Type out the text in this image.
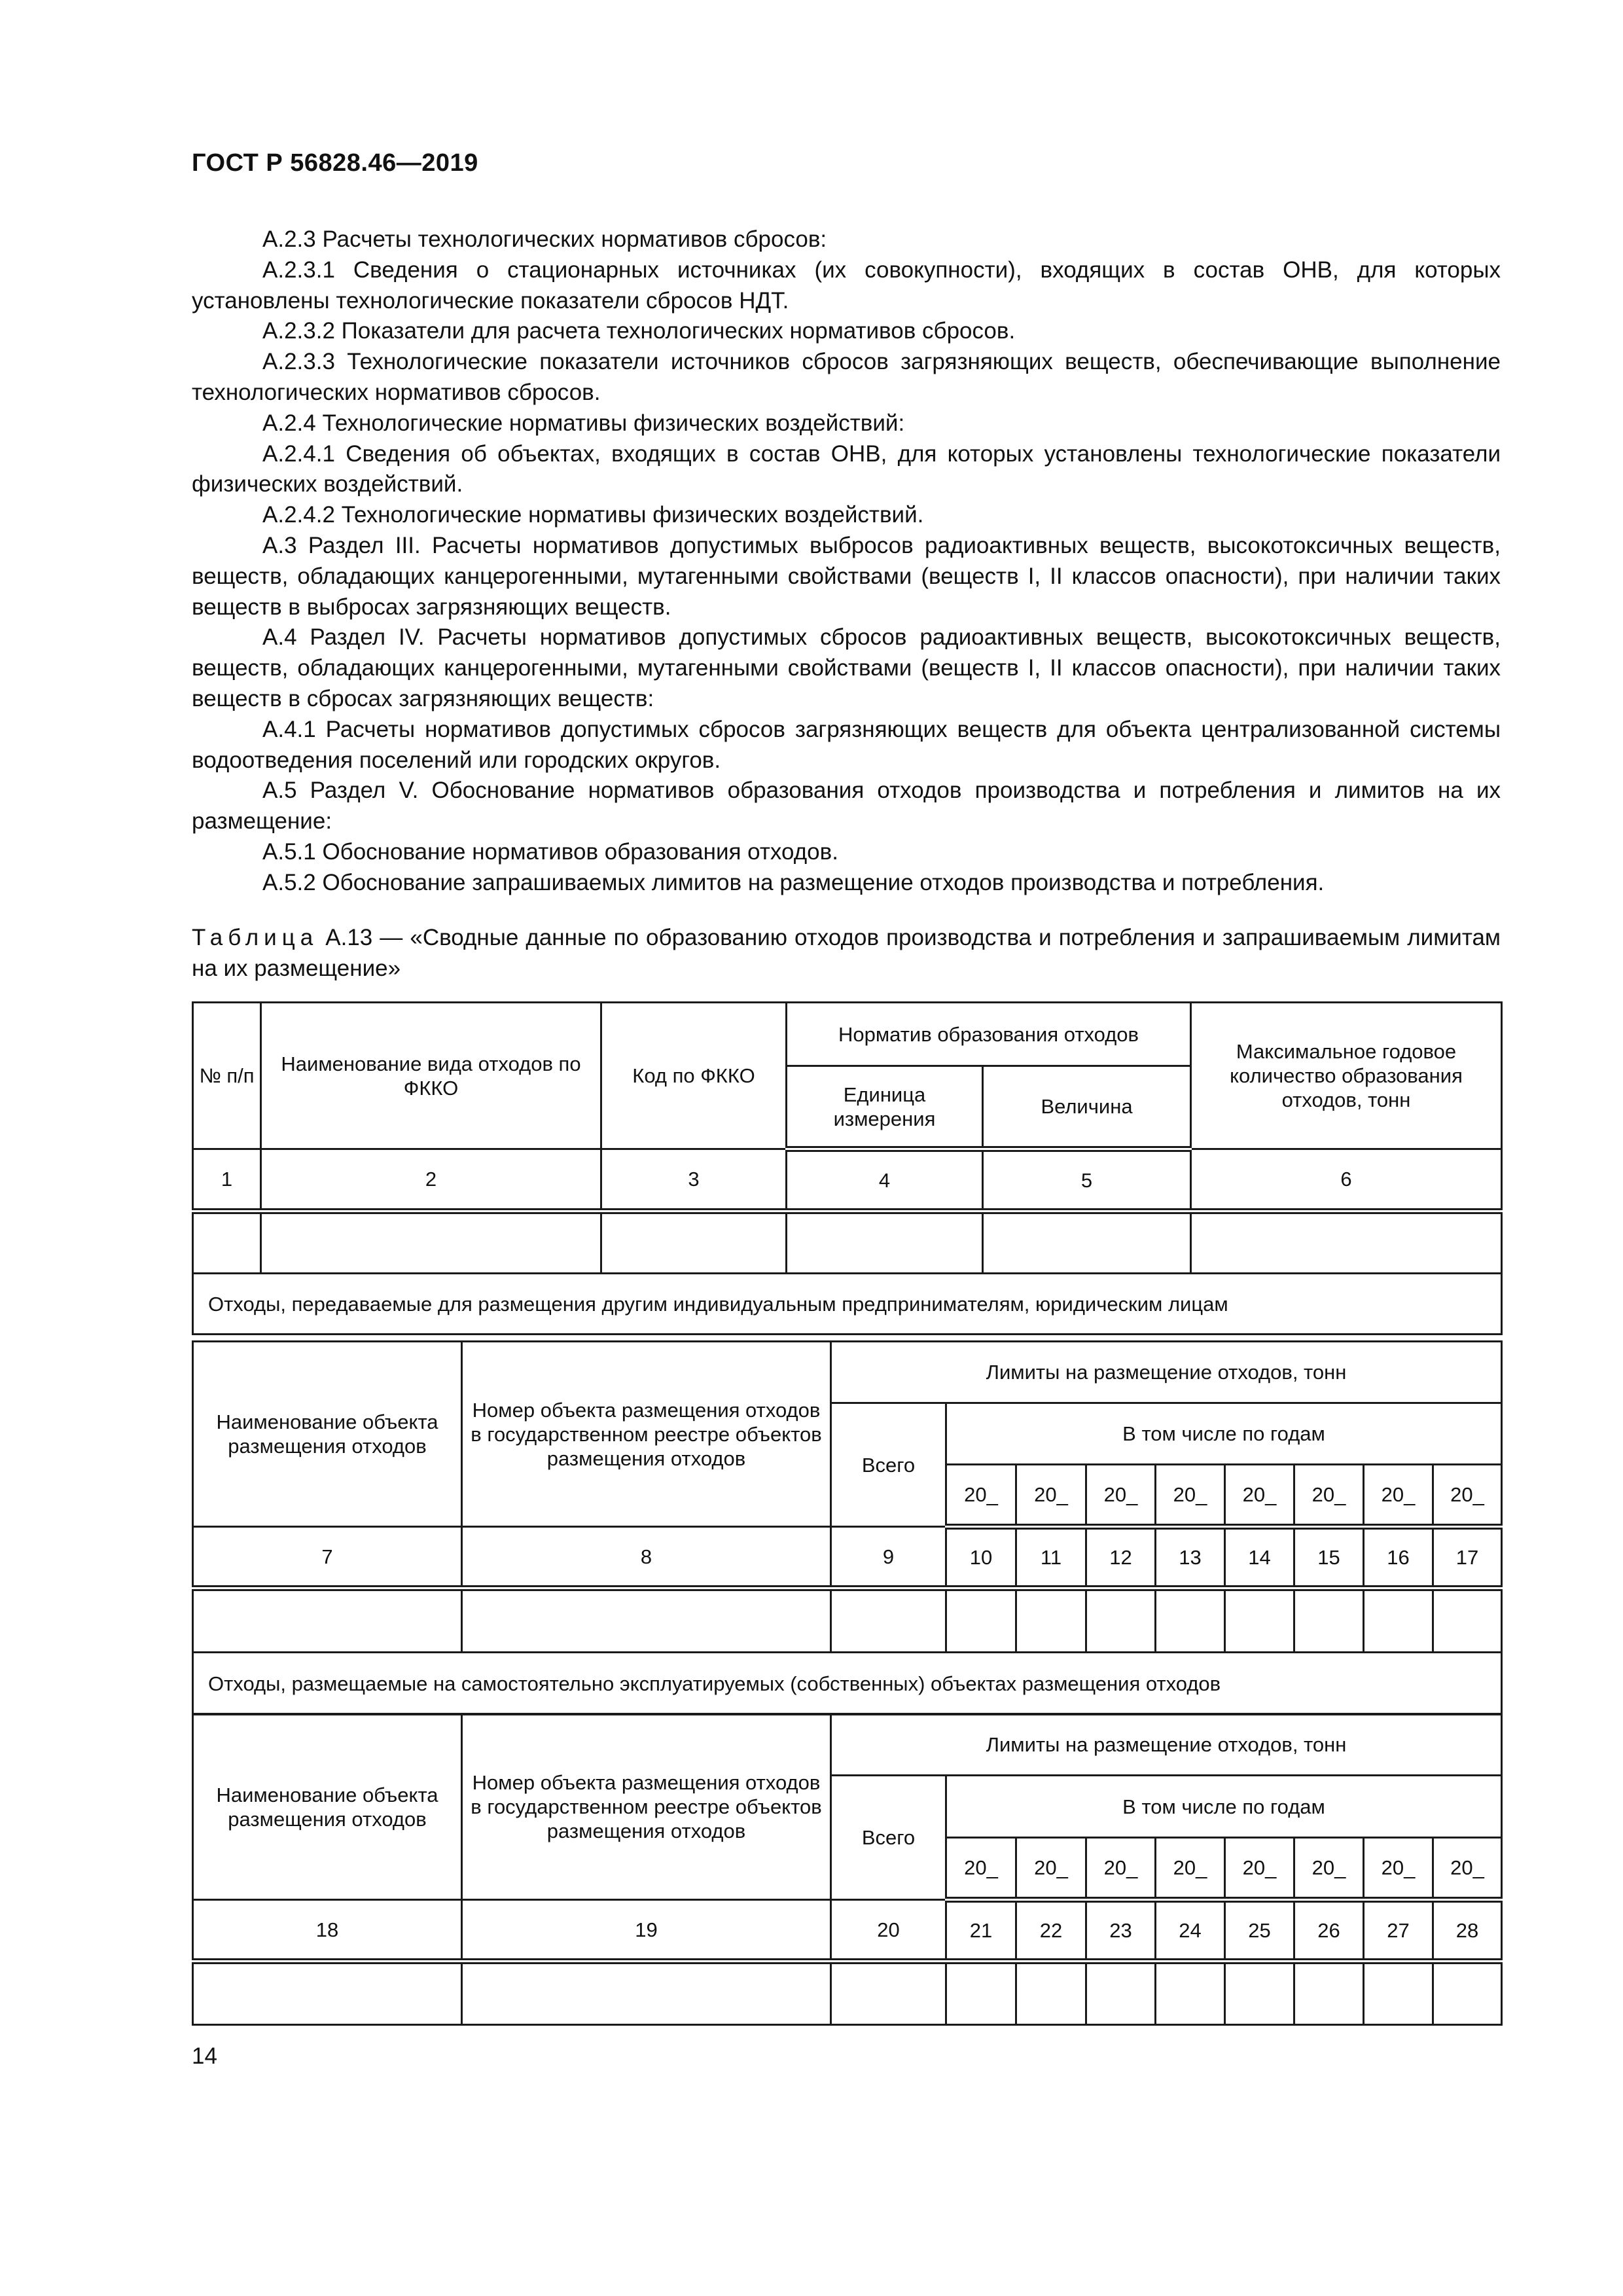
ГОСТ Р 56828.46—2019

А.2.3 Расчеты технологических нормативов сбросов:

А.2.3.1 Сведения о стационарных источниках (их совокупности), входящих в состав ОНВ, для которых установлены технологические показатели сбросов НДТ.

А.2.3.2 Показатели для расчета технологических нормативов сбросов.

А.2.3.3 Технологические показатели источников сбросов загрязняющих веществ, обеспечивающие выполнение технологических нормативов сбросов.

А.2.4 Технологические нормативы физических воздействий:

А.2.4.1 Сведения об объектах, входящих в состав ОНВ, для которых установлены технологические показатели физических воздействий.

А.2.4.2 Технологические нормативы физических воздействий.

А.3 Раздел III. Расчеты нормативов допустимых выбросов радиоактивных веществ, высокотоксичных веществ, веществ, обладающих канцерогенными, мутагенными свойствами (веществ I, II классов опасности), при наличии таких веществ в выбросах загрязняющих веществ.

А.4 Раздел IV. Расчеты нормативов допустимых сбросов радиоактивных веществ, высокотоксичных веществ, веществ, обладающих канцерогенными, мутагенными свойствами (веществ I, II классов опасности), при наличии таких веществ в сбросах загрязняющих веществ:

А.4.1 Расчеты нормативов допустимых сбросов загрязняющих веществ для объекта централизованной системы водоотведения поселений или городских округов.

А.5 Раздел V. Обоснование нормативов образования отходов производства и потребления и лимитов на их размещение:

А.5.1 Обоснование нормативов образования отходов.

А.5.2 Обоснование запрашиваемых лимитов на размещение отходов производства и потребления.

Таблица А.13 — «Сводные данные по образованию отходов производства и потребления и запрашиваемым лимитам на их размещение»
№ п/п	Наименование вида отходов по ФККО	Код по ФККО	Норматив образования отходов		Максимальное годовое количество образования отходов, тонн
			Единица измерения	Величина	
1	2	3	4	5	6

Отходы, передаваемые для размещения другим индивидуальным предпринимателям, юридическим лицам					
Наименование объекта размещения отходов	Номер объекта размещения отходов в государственном реестре объектов размещения отходов	Лимиты на размещение отходов, тонн								
		Всего	В том числе по годам							
			20_	20_	20_	20_	20_	20_	20_	20_
7	8	9	10	11	12	13	14	15	16	17

Отходы, размещаемые на самостоятельно эксплуатируемых (собственных) объектах размещения отходов										
Наименование объекта размещения отходов	Номер объекта размещения отходов в государственном реестре объектов размещения отходов	Лимиты на размещение отходов, тонн								
		Всего	В том числе по годам							
			20_	20_	20_	20_	20_	20_	20_	20_
18	19	20	21	22	23	24	25	26	27	28

14
